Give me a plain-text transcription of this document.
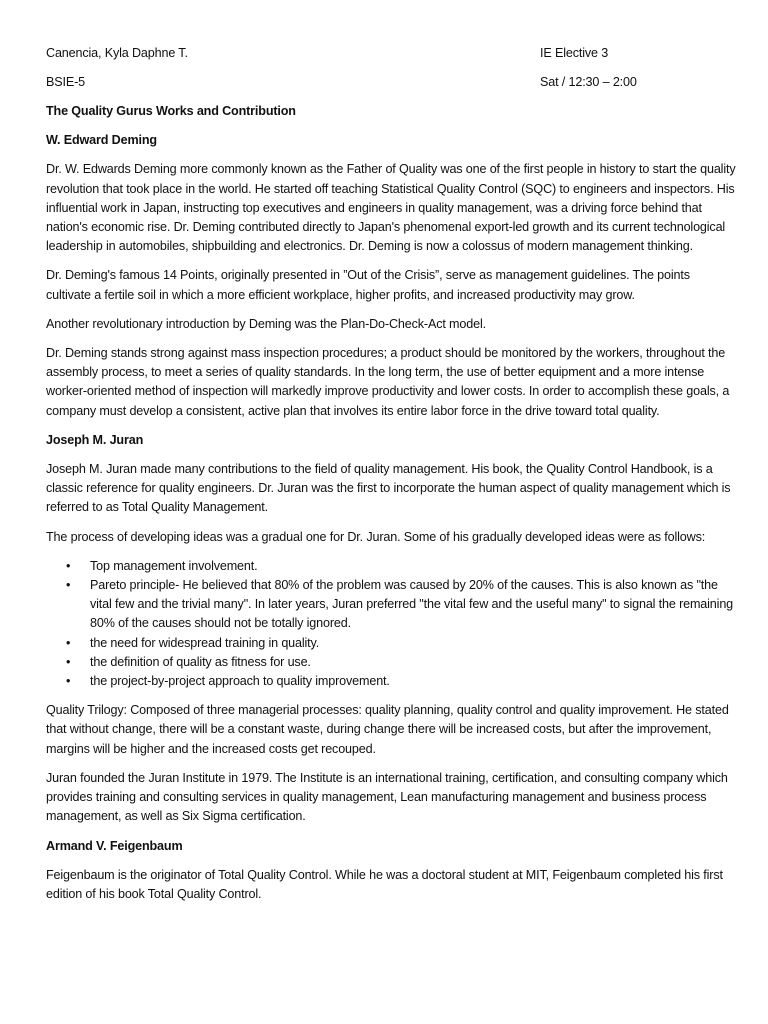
Canencia, Kyla Daphne T.	IE Elective 3
BSIE-5	Sat / 12:30 – 2:00
The Quality Gurus Works and Contribution
W. Edward Deming

Dr. W. Edwards Deming more commonly known as the Father of Quality was one of the first people in history to start the quality revolution that took place in the world. He started off teaching Statistical Quality Control (SQC) to engineers and inspectors. His influential work in Japan, instructing top executives and engineers in quality management, was a driving force behind that nation's economic rise. Dr. Deming contributed directly to Japan's phenomenal export-led growth and its current technological leadership in automobiles, shipbuilding and electronics. Dr. Deming is now a colossus of modern management thinking.

Dr. Deming's famous 14 Points, originally presented in ”Out of the Crisis”, serve as management guidelines. The points cultivate a fertile soil in which a more efficient workplace, higher profits, and increased productivity may grow.

Another revolutionary introduction by Deming was the Plan-Do-Check-Act model.

Dr. Deming stands strong against mass inspection procedures; a product should be monitored by the workers, throughout the assembly process, to meet a series of quality standards. In the long term, the use of better equipment and a more intense worker-oriented method of inspection will markedly improve productivity and lower costs. In order to accomplish these goals, a company must develop a consistent, active plan that involves its entire labor force in the drive toward total quality.

Joseph M. Juran

Joseph M. Juran made many contributions to the field of quality management. His book, the Quality Control Handbook, is a classic reference for quality engineers. Dr. Juran was the first to incorporate the human aspect of quality management which is referred to as Total Quality Management.

The process of developing ideas was a gradual one for Dr. Juran. Some of his gradually developed ideas were as follows:

• Top management involvement.
• Pareto principle- He believed that 80% of the problem was caused by 20% of the causes. This is also known as "the vital few and the trivial many". In later years, Juran preferred "the vital few and the useful many" to signal the remaining 80% of the causes should not be totally ignored.
• the need for widespread training in quality.
• the definition of quality as fitness for use.
• the project-by-project approach to quality improvement.

Quality Trilogy: Composed of three managerial processes: quality planning, quality control and quality improvement. He stated that without change, there will be a constant waste, during change there will be increased costs, but after the improvement, margins will be higher and the increased costs get recouped.

Juran founded the Juran Institute in 1979. The Institute is an international training, certification, and consulting company which provides training and consulting services in quality management, Lean manufacturing management and business process management, as well as Six Sigma certification.

Armand V. Feigenbaum

Feigenbaum is the originator of Total Quality Control. While he was a doctoral student at MIT, Feigenbaum completed his first edition of his book Total Quality Control.
